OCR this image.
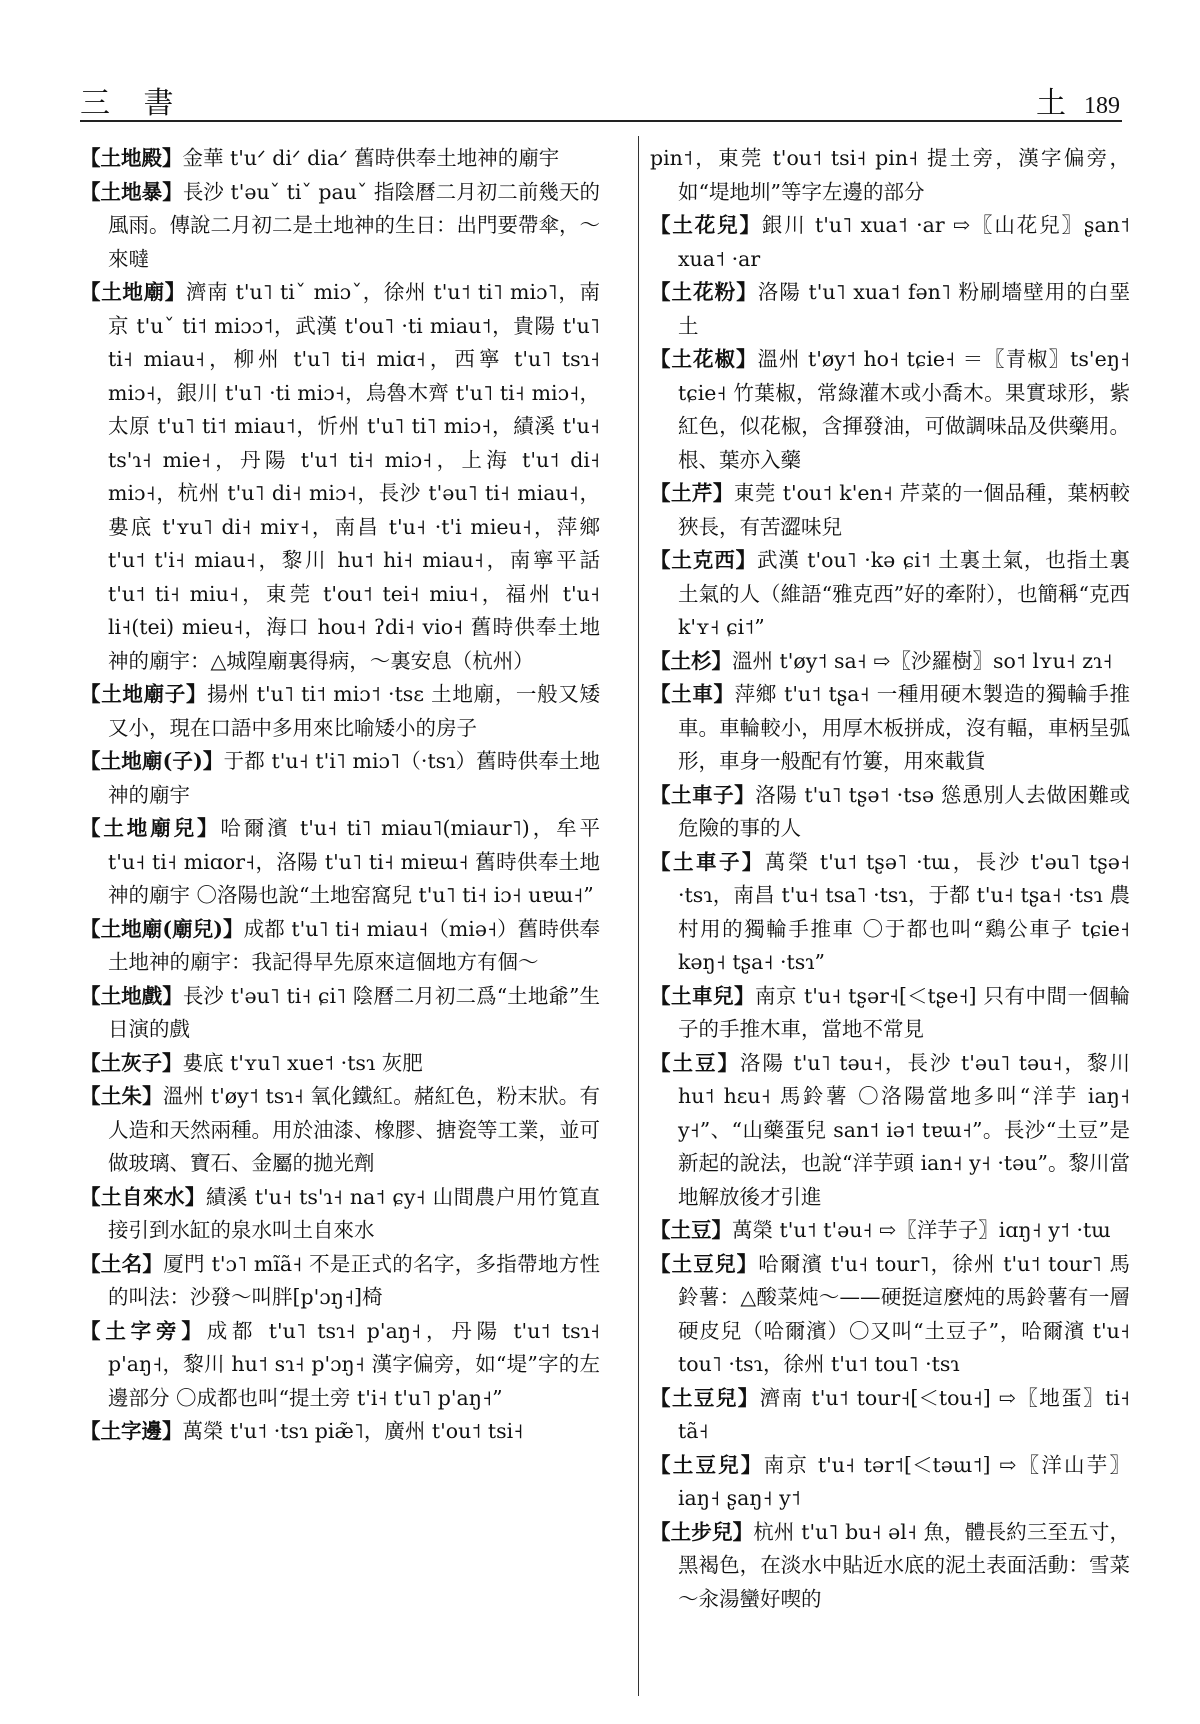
三 書	土 189

【土地殿】金華 t'uᐟ diᐟ diaᐟ 舊時供奉土地神的廟宇

【土地暴】長沙 t'əuˇ tiˇ pauˇ 指陰曆二月初二前幾天的風雨。傳說二月初二是土地神的生日：出門要帶傘，～來噠

【土地廟】濟南 t'u˥ tiˇ miɔˇ，徐州 t'u˦ ti˥ miɔ˥，南京 t'uˇ ti˦ miɔɔ˦，武漢 t'ou˥ ·ti miau˦，貴陽 t'u˥ ti˧ miau˧，柳州 t'u˥ ti˧ miɑ˧，西寧 t'u˥ tsɿ˧ miɔ˧，銀川 t'u˥ ·ti miɔ˧，烏魯木齊 t'u˥ ti˧ miɔ˧，太原 t'u˥ ti˦ miau˦，忻州 t'u˥ ti˥ miɔ˧，績溪 t'u˧ ts'ɿ˧ mie˧，丹陽 t'u˦ ti˧ miɔ˧，上海 t'u˦ di˧ miɔ˧，杭州 t'u˥ di˧ miɔ˧，長沙 t'əu˥ ti˧ miau˧，婁底 t'ʏu˥ di˧ miʏ˧，南昌 t'u˧ ·t'i mieu˧，萍鄉 t'u˦ t'i˧ miau˧，黎川 hu˦ hi˧ miau˧，南寧平話 t'u˦ ti˧ miu˧，東莞 t'ou˦ tei˧ miu˧，福州 t'u˧ li˧(tei) mieu˧，海口 hou˧ ʔdi˧ vio˧ 舊時供奉土地神的廟宇：△城隍廟裏得病，～裏安息（杭州）

【土地廟子】揚州 t'u˥ ti˦ miɔ˦ ·tsɛ 土地廟，一般又矮又小，現在口語中多用來比喻矮小的房子

【土地廟(子)】于都 t'u˧ t'i˥ miɔ˥（·tsɿ）舊時供奉土地神的廟宇

【土地廟兒】哈爾濱 t'u˧ ti˥ miau˥(miaur˥)，牟平 t'u˧ ti˧ miɑor˧，洛陽 t'u˥ ti˧ miɐɯ˧ 舊時供奉土地神的廟宇 〇洛陽也說“土地窑窩兒 t'u˥ ti˧ iɔ˧ uɐɯ˧”

【土地廟(廟兒)】成都 t'u˥ ti˧ miau˧（miə˧）舊時供奉土地神的廟宇：我記得早先原來這個地方有個～

【土地戲】長沙 t'əu˥ ti˧ ɕi˥ 陰曆二月初二爲“土地爺”生日演的戲

【土灰子】婁底 t'ʏu˥ xue˦ ·tsɿ 灰肥

【土朱】溫州 t'øy˦ tsɿ˧ 氧化鐵紅。赭紅色，粉末狀。有人造和天然兩種。用於油漆、橡膠、搪瓷等工業，並可做玻璃、寶石、金屬的拋光劑

【土自來水】績溪 t'u˧ ts'ɿ˧ na˦ ɕy˧ 山間農户用竹筧直接引到水缸的泉水叫土自來水

【土名】厦門 t'ɔ˥ mĩã˧ 不是正式的名字，多指帶地方性的叫法：沙發～叫胖[p'ɔŋ˧]椅

【土字旁】成都 t'u˥ tsɿ˧ p'aŋ˧，丹陽 t'u˦ tsɿ˧ p'aŋ˧，黎川 hu˦ sɿ˧ p'ɔŋ˧ 漢字偏旁，如“堤”字的左邊部分 〇成都也叫“提土旁 t'i˧ t'u˥ p'aŋ˧”

【土字邊】萬榮 t'u˦ ·tsɿ piæ̃˥，廣州 t'ou˦ tsi˧

pin˦，東莞 t'ou˦ tsi˧ pin˧ 提土旁，漢字偏旁，如“堤地圳”等字左邊的部分

【土花兒】銀川 t'u˥ xua˦ ·ar ⇨〖山花兒〗ʂan˦ xua˦ ·ar

【土花粉】洛陽 t'u˥ xua˦ fən˥ 粉刷墻壁用的白堊土

【土花椒】溫州 t'øy˦ ho˧ tɕie˧ ＝〖青椒〗ts'eŋ˧ tɕie˧ 竹葉椒，常綠灌木或小喬木。果實球形，紫紅色，似花椒，含揮發油，可做調味品及供藥用。根、葉亦入藥

【土芹】東莞 t'ou˦ k'en˧ 芹菜的一個品種，葉柄較狹長，有苦澀味兒

【土克西】武漢 t'ou˥ ·kə ɕi˦ 土裏土氣，也指土裏土氣的人（維語“雅克西”好的牽附），也簡稱“克西 k'ʏ˧ ɕi˦”

【土杉】溫州 t'øy˦ sa˧ ⇨〖沙羅樹〗so˦ lʏu˧ zɿ˧

【土車】萍鄉 t'u˦ tʂa˧ 一種用硬木製造的獨輪手推車。車輪較小，用厚木板拼成，沒有輻，車柄呈弧形，車身一般配有竹簍，用來載貨

【土車子】洛陽 t'u˥ tʂə˦ ·tsə 慫恿別人去做困難或危險的事的人

【土車子】萬榮 t'u˦ tʂə˥ ·tɯ，長沙 t'əu˥ tʂə˧ ·tsɿ，南昌 t'u˧ tsa˥ ·tsɿ，于都 t'u˧ tʂa˧ ·tsɿ 農村用的獨輪手推車 〇于都也叫“鷄公車子 tɕie˧ kəŋ˧ tʂa˧ ·tsɿ”

【土車兒】南京 t'u˧ tʂər˧[＜tʂe˧] 只有中間一個輪子的手推木車，當地不常見

【土豆】洛陽 t'u˥ təu˧，長沙 t'əu˥ təu˧，黎川 hu˦ hɛu˧ 馬鈴薯 〇洛陽當地多叫“洋芋 iaŋ˧ y˧”、“山藥蛋兒 san˦ iə˦ tɐɯ˧”。長沙“土豆”是新起的說法，也說“洋芋頭 ian˧ y˧ ·təu”。黎川當地解放後才引進

【土豆】萬榮 t'u˦ t'əu˧ ⇨〖洋芋子〗iɑŋ˧ y˦ ·tɯ

【土豆兒】哈爾濱 t'u˧ tour˥，徐州 t'u˦ tour˥ 馬鈴薯：△酸菜炖～——硬挺這麼炖的馬鈴薯有一層硬皮兒（哈爾濱）〇又叫“土豆子”，哈爾濱 t'u˧ tou˥ ·tsɿ，徐州 t'u˦ tou˥ ·tsɿ

【土豆兒】濟南 t'u˦ tour˧[＜tou˧] ⇨〖地蛋〗ti˧ tã˧

【土豆兒】南京 t'u˧ tər˦[＜təɯ˦] ⇨〖洋山芋〗iaŋ˧ ʂaŋ˧ y˦

【土步兒】杭州 t'u˥ bu˧ əl˧ 魚，體長約三至五寸，黑褐色，在淡水中貼近水底的泥土表面活動：雪菜～汆湯蠻好喫的
